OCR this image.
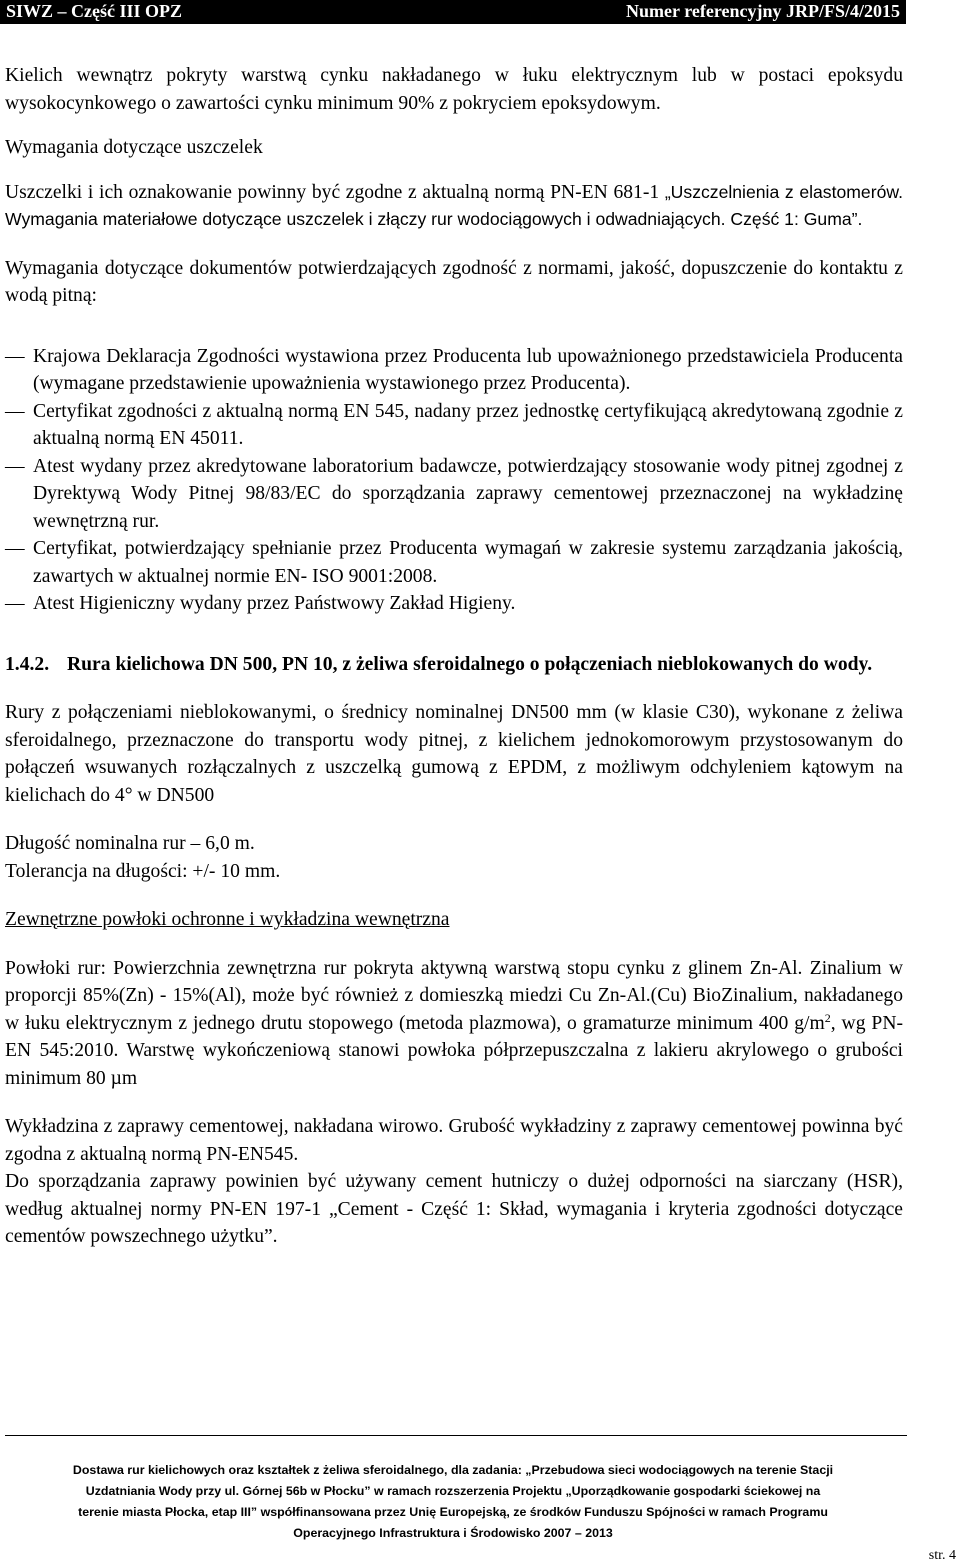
SIWZ – Część III OPZ	Numer referencyjny JRP/FS/4/2015

Kielich wewnątrz pokryty warstwą cynku nakładanego w łuku elektrycznym lub w postaci epoksydu wysokocynkowego o zawartości cynku minimum 90% z pokryciem epoksydowym.

Wymagania dotyczące uszczelek

Uszczelki i ich oznakowanie powinny być zgodne z aktualną normą PN-EN 681-1 „Uszczelnienia z elastomerów. Wymagania materiałowe dotyczące uszczelek i złączy rur wodociągowych i odwadniających. Część 1: Guma”.

Wymagania dotyczące dokumentów potwierdzających zgodność z normami, jakość, dopuszczenie do kontaktu z wodą pitną:

— Krajowa Deklaracja Zgodności wystawiona przez Producenta lub upoważnionego przedstawiciela Producenta (wymagane przedstawienie upoważnienia wystawionego przez Producenta).
— Certyfikat zgodności z aktualną normą EN 545, nadany przez jednostkę certyfikującą akredytowaną zgodnie z aktualną normą EN 45011.
— Atest wydany przez akredytowane laboratorium badawcze, potwierdzający stosowanie wody pitnej zgodnej z Dyrektywą Wody Pitnej 98/83/EC do sporządzania zaprawy cementowej przeznaczonej na wykładzinę wewnętrzną rur.
— Certyfikat, potwierdzający spełnianie przez Producenta wymagań w zakresie systemu zarządzania jakością, zawartych w aktualnej normie EN- ISO 9001:2008.
— Atest Higieniczny wydany przez Państwowy Zakład Higieny.

1.4.2. Rura kielichowa DN 500, PN 10, z żeliwa sferoidalnego o połączeniach nieblokowanych do wody.

Rury z połączeniami nieblokowanymi, o średnicy nominalnej DN500 mm (w klasie C30), wykonane z żeliwa sferoidalnego, przeznaczone do transportu wody pitnej, z kielichem jednokomorowym przystosowanym do połączeń wsuwanych rozłączalnych z uszczelką gumową z EPDM, z możliwym odchyleniem kątowym na kielichach do 4° w DN500

Długość nominalna rur – 6,0 m.

Tolerancja na długości: +/- 10 mm.

Zewnętrzne powłoki ochronne i wykładzina wewnętrzna

Powłoki rur: Powierzchnia zewnętrzna rur pokryta aktywną warstwą stopu cynku z glinem Zn-Al. Zinalium w proporcji 85%(Zn) - 15%(Al), może być również z domieszką miedzi Cu Zn-Al.(Cu) BioZinalium, nakładanego w łuku elektrycznym z jednego drutu stopowego (metoda plazmowa), o gramaturze minimum 400 $g/m^2$, wg PN-EN 545:2010. Warstwę wykończeniową stanowi powłoka półprzepuszczalna z lakieru akrylowego o grubości minimum 80 µm

Wykładzina z zaprawy cementowej, nakładana wirowo. Grubość wykładziny z zaprawy cementowej powinna być zgodna z aktualną normą PN-EN545.

Do sporządzania zaprawy powinien być używany cement hutniczy o dużej odporności na siarczany (HSR), według aktualnej normy PN-EN 197-1 „Cement - Część 1: Skład, wymagania i kryteria zgodności dotyczące cementów powszechnego użytku”.

Dostawa rur kielichowych oraz kształtek z żeliwa sferoidalnego, dla zadania: „Przebudowa sieci wodociągowych na terenie Stacji
Uzdatniania Wody przy ul. Górnej 56b w Płocku” w ramach rozszerzenia Projektu „Uporządkowanie gospodarki ściekowej na
terenie miasta Płocka, etap III” współfinansowana przez Unię Europejską, ze środków Funduszu Spójności w ramach Programu
Operacyjnego Infrastruktura i Środowisko 2007 – 2013
str. 4
